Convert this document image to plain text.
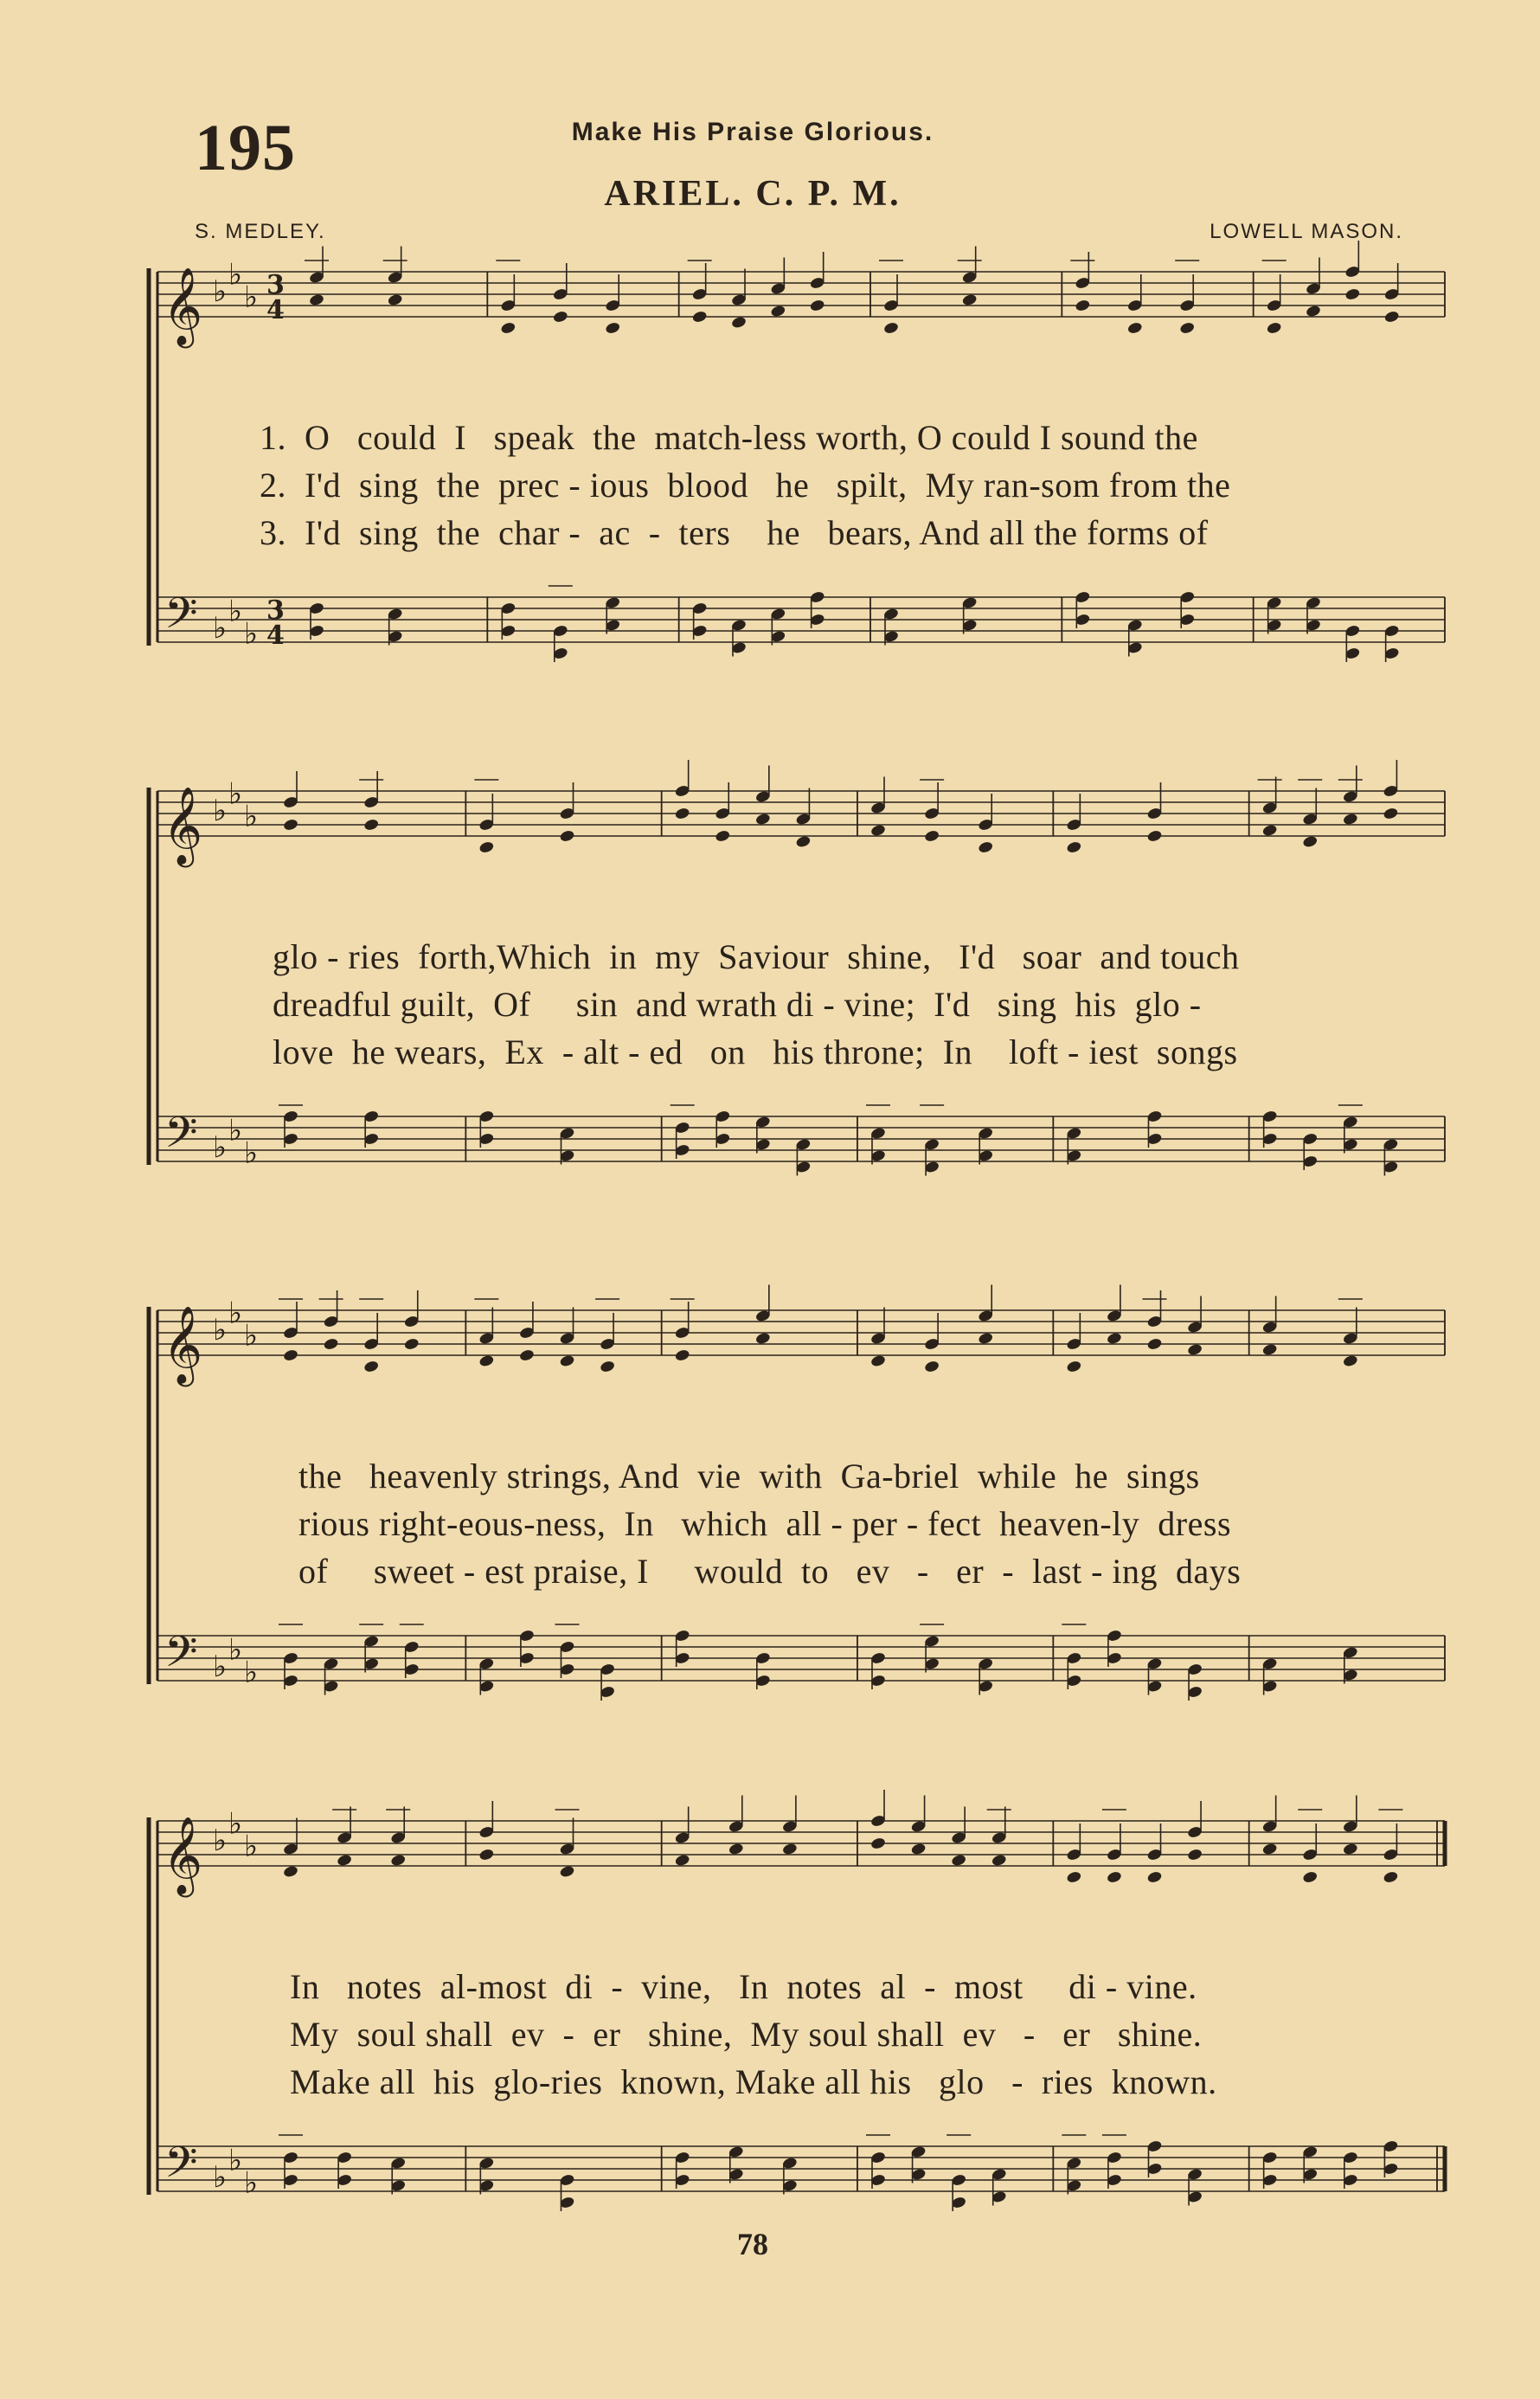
195	Make His Praise Glorious.
ARIEL. C. P. M.
S. MEDLEY.	LOWELL MASON.
𝄞
𝄢
♭ ♭
♭
♭ ♭
♭
3
4
3
4
1.  O   could  I   speak  the  match-less worth, O could I sound the
2.  I'd  sing  the  prec - ious  blood   he   spilt,  My ran-som from the
3.  I'd  sing  the  char -  ac  -  ters    he   bears, And all the forms of
𝄞
𝄢
♭ ♭
♭
♭ ♭
♭
glo - ries  forth,Which  in  my  Saviour  shine,   I'd   soar  and touch
dreadful guilt,  Of     sin  and wrath di - vine;  I'd   sing  his  glo -
love  he wears,  Ex  - alt - ed   on   his throne;  In    loft - iest  songs
𝄞
𝄢
♭ ♭
♭
♭ ♭
♭
the   heavenly strings, And  vie  with  Ga-briel  while  he  sings
rious right-eous-ness,  In   which  all - per - fect  heaven-ly  dress
of     sweet - est praise, I     would  to   ev   -   er  -  last - ing  days
𝄞
𝄢
♭ ♭
♭
♭ ♭
♭
In   notes  al-most  di  -  vine,   In  notes  al  -  most     di - vine.
My  soul shall  ev  -  er   shine,  My soul shall  ev   -   er   shine.
Make all  his  glo-ries  known, Make all his   glo   -  ries  known.
78
